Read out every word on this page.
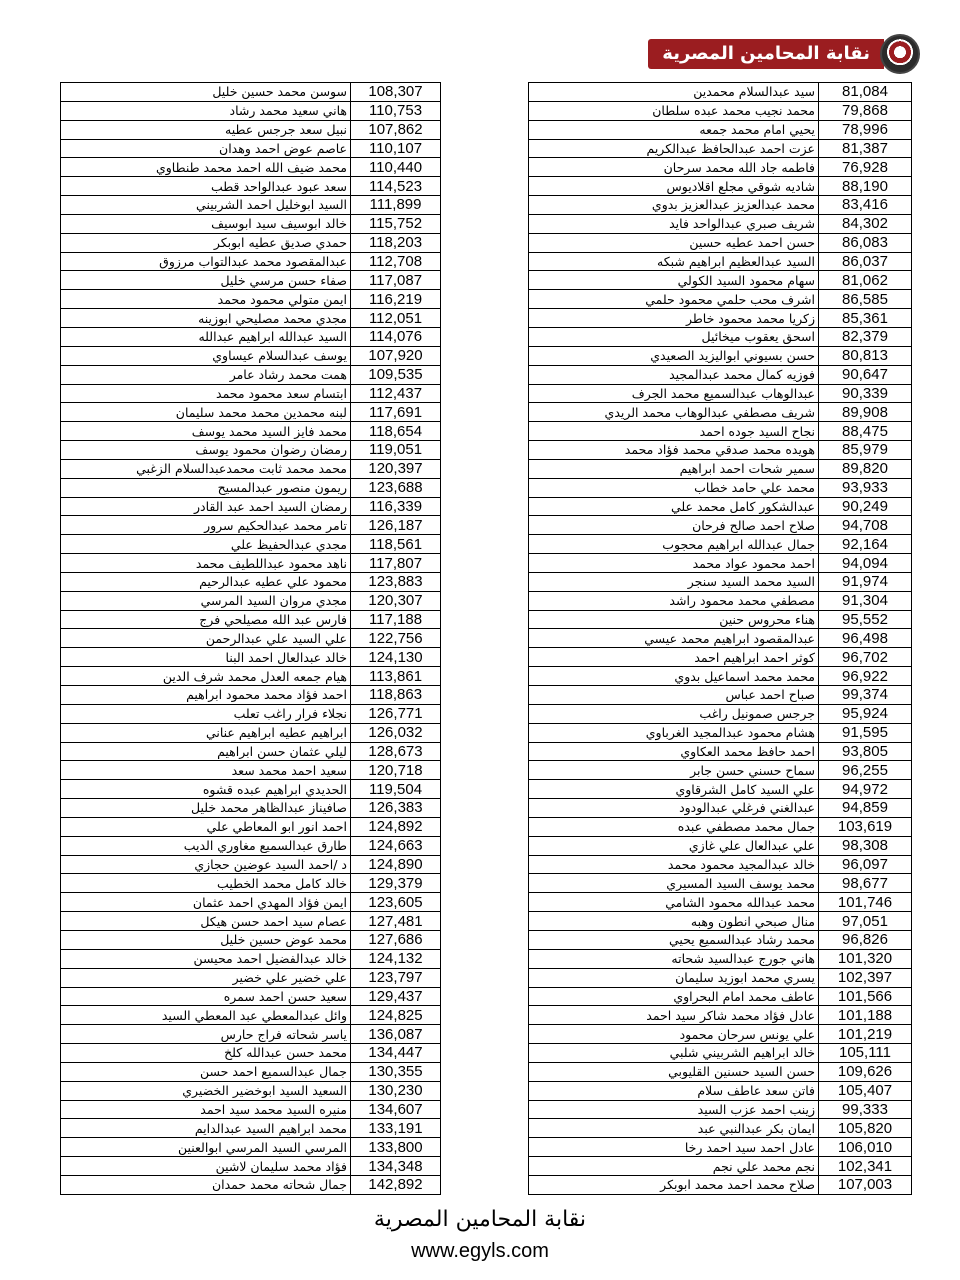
نقابة المحامين المصرية
سوسن محمد حسين خليل	108,307
هاني سعيد محمد رشاد	110,753
نبيل سعد جرجس عطيه	107,862
عاصم عوض احمد وهدان	110,107
محمد ضيف الله احمد محمد طنطاوي	110,440
سعد عبود عبدالواحد قطب	114,523
السيد ابوخليل احمد الشربيني	111,899
خالد ابوسيف سيد ابوسيف	115,752
حمدي صديق عطيه ابوبكر	118,203
عبدالمقصود محمد عبدالتواب مرزوق	112,708
صفاء حسن مرسي خليل	117,087
ايمن متولي محمود محمد	116,219
مجدي محمد مصليحي ابوزينه	112,051
السيد عبدالله ابراهيم عبدالله	114,076
يوسف عبدالسلام عيساوي	107,920
همت محمد رشاد عامر	109,535
ابتسام سعد محمود محمد	112,437
لبنه محمدين محمد محمد سليمان	117,691
محمد فايز السيد محمد يوسف	118,654
رمضان رضوان محمود يوسف	119,051
محمد محمد ثابت محمدعبدالسلام الزغبي	120,397
ريمون منصور عبدالمسيح	123,688
رمضان السيد احمد عبد القادر	116,339
تامر محمد عبدالحكيم سرور	126,187
مجدي عبدالحفيظ علي	118,561
ناهد محمود عبداللطيف محمد	117,807
محمود علي عطيه عبدالرحيم	123,883
مجدي مروان السيد المرسي	120,307
فارس عبد الله مصيلحي فرج	117,188
علي السيد علي عبدالرحمن	122,756
خالد عبدالعال احمد البنا	124,130
هيام جمعه العدل محمد شرف الدين	113,861
احمد فؤاد محمد محمود ابراهيم	118,863
نجلاء فرار راغب تعلب	126,771
ابراهيم عطيه ابراهيم عناني	126,032
ليلي عثمان حسن ابراهيم	128,673
سعيد احمد محمد سعد	120,718
الحديدي ابراهيم عبده قشوه	119,504
صافيناز عبدالظاهر محمد خليل	126,383
احمد انور ابو المعاطي علي	124,892
طارق عبدالسميع مغاوري الديب	124,663
د /احمد السيد عوضين حجازي	124,890
خالد كامل محمد الخطيب	129,379
ايمن فؤاد المهدي احمد عثمان	123,605
عصام سيد احمد حسن هيكل	127,481
محمد عوض حسين خليل	127,686
خالد عبدالفضيل احمد محيسن	124,132
علي خضير علي خضير	123,797
سعيد حسن احمد سمره	129,437
وائل عبدالمعطي عبد المعطي السيد	124,825
ياسر شحاته فراج حارس	136,087
محمد حسن عبدالله كلخ	134,447
جمال عبدالسميع احمد حسن	130,355
السعيد السيد ابوخضير الخضيري	130,230
منيره السيد محمد سيد احمد	134,607
محمد ابراهيم السيد عبدالدايم	133,191
المرسي السيد المرسي ابوالعنين	133,800
فؤاد محمد سليمان لاشين	134,348
جمال شحاته محمد حمدان	142,892
سيد عبدالسلام محمدين	81,084
محمد نجيب محمد عبده سلطان	79,868
يحيي امام محمد جمعه	78,996
عزت احمد عبدالحافظ عبدالكريم	81,387
فاطمه جاد الله محمد سرحان	76,928
شاديه شوقي مجلع اقلاديوس	88,190
محمد عبدالعزيز عبدالعزيز بدوي	83,416
شريف صبري عبدالواحد فايد	84,302
حسن احمد عطيه حسين	86,083
السيد عبدالعظيم ابراهيم شبكه	86,037
سهام محمود السيد الكولي	81,062
اشرف محب حلمي محمود حلمي	86,585
زكريا محمد محمود خاطر	85,361
اسحق يعقوب ميخائيل	82,379
حسن بسيوني ابواليزيد الصعيدي	80,813
فوزيه كمال محمد عبدالمجيد	90,647
عبدالوهاب عبدالسميع محمد الجرف	90,339
شريف مصطفي عبدالوهاب محمد الريدي	89,908
نجاح السيد جوده احمد	88,475
هويده محمد صدقي محمد فؤاد محمد	85,979
سمير شحات احمد ابراهيم	89,820
محمد علي حامد خطاب	93,933
عبدالشكور كامل محمد علي	90,249
صلاح احمد صالح فرحان	94,708
جمال عبدالله ابراهيم محجوب	92,164
احمد محمود عواد محمد	94,094
السيد محمد السيد سنجر	91,974
مصطفي محمد محمود راشد	91,304
هناء محروس حنين	95,552
عبدالمقصود ابراهيم محمد عيسي	96,498
كوثر احمد ابراهيم احمد	96,702
محمد محمد اسماعيل بدوي	96,922
صباح احمد عباس	99,374
جرجس صمونيل راغب	95,924
هشام محمود عبدالمجيد الغرباوي	91,595
احمد حافظ محمد العكاوي	93,805
سماح حسني حسن جابر	96,255
علي السيد كامل الشرقاوي	94,972
عبدالغني فرغلي عبدالودود	94,859
جمال محمد مصطفي عبده	103,619
علي عبدالعال علي غازي	98,308
خالد عبدالمجيد محمود محمد	96,097
محمد يوسف السيد المسيري	98,677
محمد عبدالله محمود الشامي	101,746
منال صبحي انطون وهبه	97,051
محمد رشاد عبدالسميع يحيي	96,826
هاني جورج عبدالسيد شحاته	101,320
يسري محمد ابوزيد سليمان	102,397
عاطف محمد امام البحراوي	101,566
عادل فؤاد محمد شاكر سيد احمد	101,188
علي يونس سرحان محمود	101,219
خالد ابراهيم الشربيني شلبي	105,111
حسن السيد حسنين القليوبي	109,626
فاتن سعد عاطف سلام	105,407
زينب احمد عزب السيد	99,333
ايمان بكر عبدالنبي عبد	105,820
عادل احمد سيد احمد رخا	106,010
نجم محمد علي نجم	102,341
صلاح محمد احمد محمد ابوبكر	107,003
نقابة المحامين المصرية
www.egyls.com
